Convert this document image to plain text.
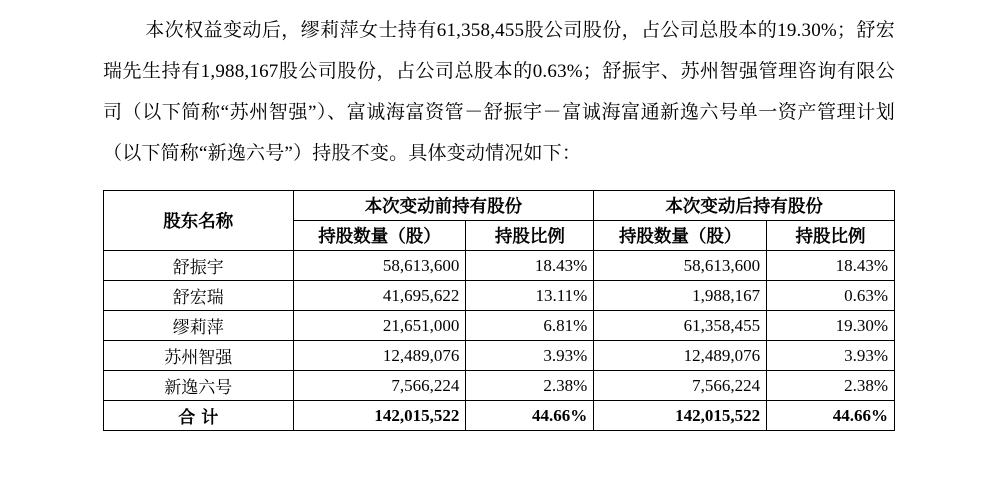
本次权益变动后，缪莉萍女士持有61,358,455股公司股份，占公司总股本的19.30%；舒宏瑞先生持有1,988,167股公司股份，占公司总股本的0.63%；舒振宇、苏州智强管理咨询有限公司（以下简称“苏州智强”）、富诚海富资管－舒振宇－富诚海富通新逸六号单一资产管理计划（以下简称“新逸六号”）持股不变。具体变动情况如下：

股东名称	本次变动前持有股份		本次变动后持有股份	
	持股数量（股）	持股比例	持股数量（股）	持股比例
舒振宇	58,613,600	18.43%	58,613,600	18.43%
舒宏瑞	41,695,622	13.11%	1,988,167	0.63%
缪莉萍	21,651,000	6.81%	61,358,455	19.30%
苏州智强	12,489,076	3.93%	12,489,076	3.93%
新逸六号	7,566,224	2.38%	7,566,224	2.38%
合计	142,015,522	44.66%	142,015,522	44.66%
